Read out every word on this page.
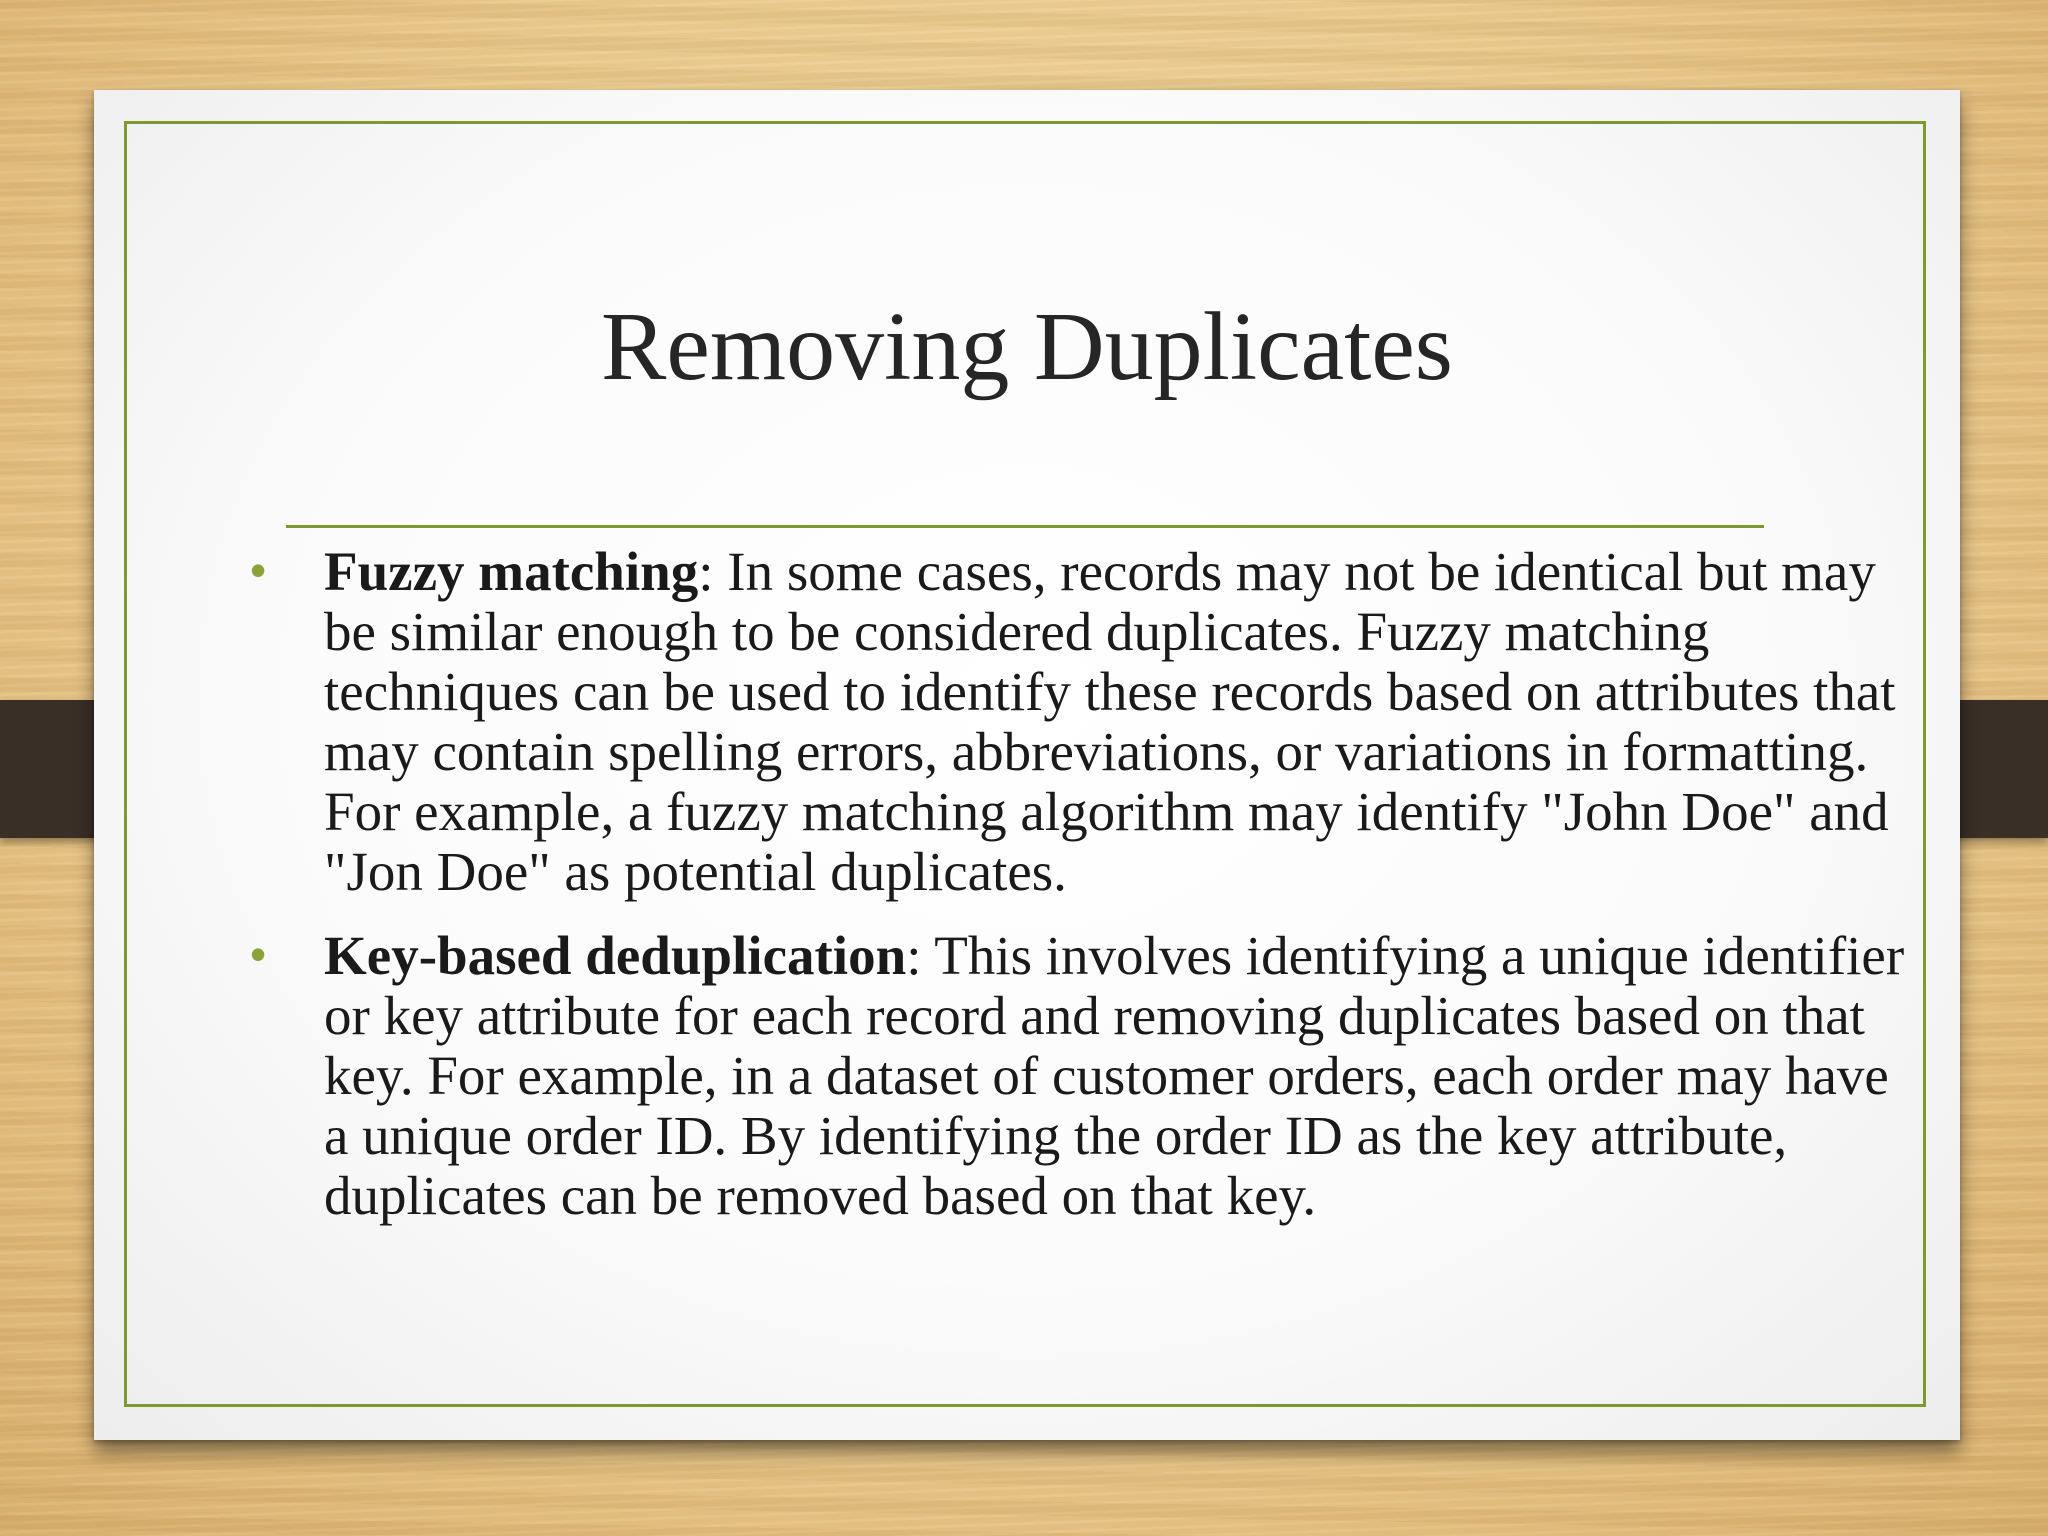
Removing Duplicates
• Fuzzy matching: In some cases, records may not be identical but may be similar enough to be considered duplicates. Fuzzy matching techniques can be used to identify these records based on attributes that may contain spelling errors, abbreviations, or variations in formatting. For example, a fuzzy matching algorithm may identify "John Doe" and "Jon Doe" as potential duplicates.
• Key-based deduplication: This involves identifying a unique identifier or key attribute for each record and removing duplicates based on that key. For example, in a dataset of customer orders, each order may have a unique order ID. By identifying the order ID as the key attribute, duplicates can be removed based on that key.
